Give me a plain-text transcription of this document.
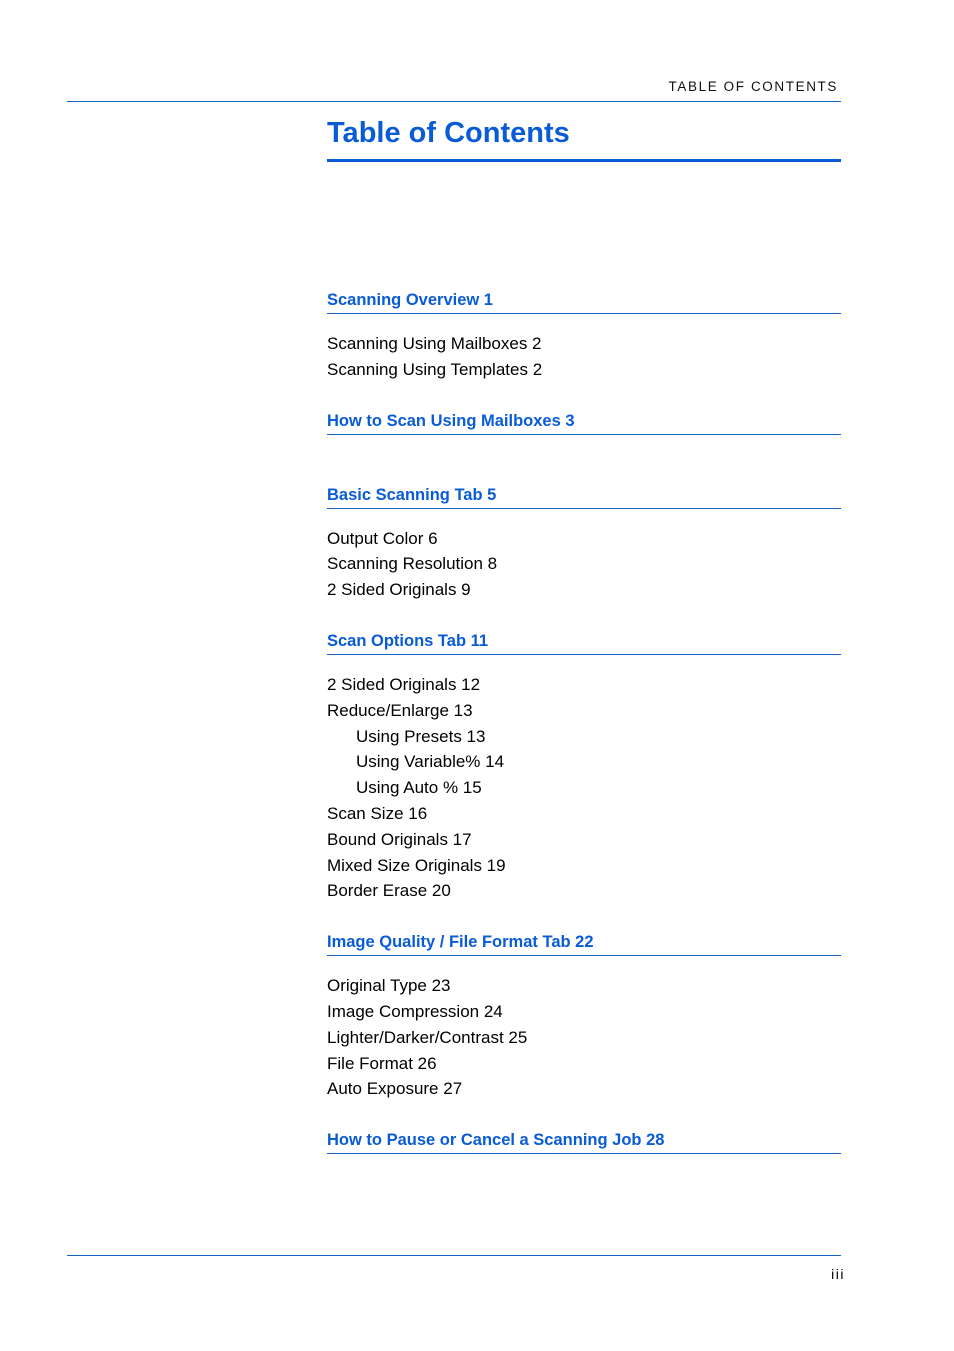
TABLE OF CONTENTS
Table of Contents
Scanning Overview 1
Scanning Using Mailboxes 2
Scanning Using Templates 2
How to Scan Using Mailboxes 3
Basic Scanning Tab 5
Output Color 6
Scanning Resolution 8
2 Sided Originals 9
Scan Options Tab 11
2 Sided Originals 12
Reduce/Enlarge 13
Using Presets 13
Using Variable% 14
Using Auto % 15
Scan Size 16
Bound Originals 17
Mixed Size Originals 19
Border Erase 20
Image Quality / File Format Tab 22
Original Type 23
Image Compression 24
Lighter/Darker/Contrast 25
File Format 26
Auto Exposure 27
How to Pause or Cancel a Scanning Job 28
iii
